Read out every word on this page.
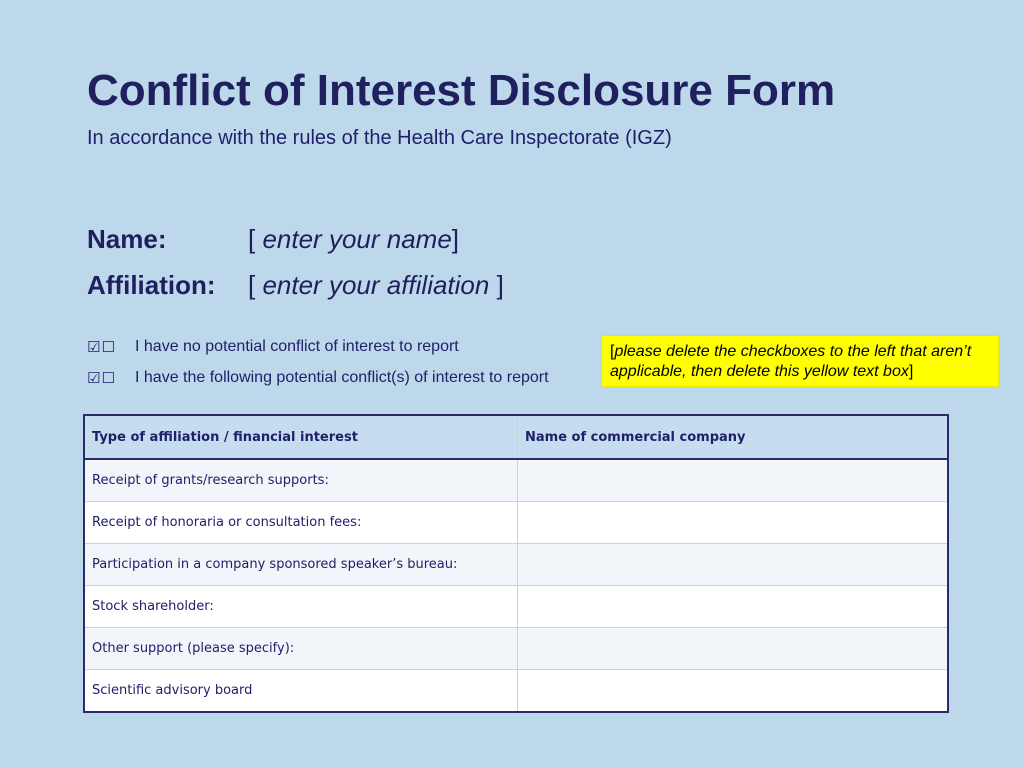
Conflict of Interest Disclosure Form
In accordance with the rules of the Health Care Inspectorate (IGZ)
Name:	[ enter your name]
Affiliation: [ enter your affiliation ]
☑☐	I have no potential conflict of interest to report
☑☐	I have the following potential conflict(s) of interest to report
[please delete the checkboxes to the left that aren’t applicable, then delete this yellow text box]
Type of affiliation / financial interest	Name of commercial company
Receipt of grants/research supports:	
Receipt of honoraria or consultation fees:	
Participation in a company sponsored speaker’s bureau:	
Stock shareholder:	
Other support (please specify):	
Scientific advisory board	
